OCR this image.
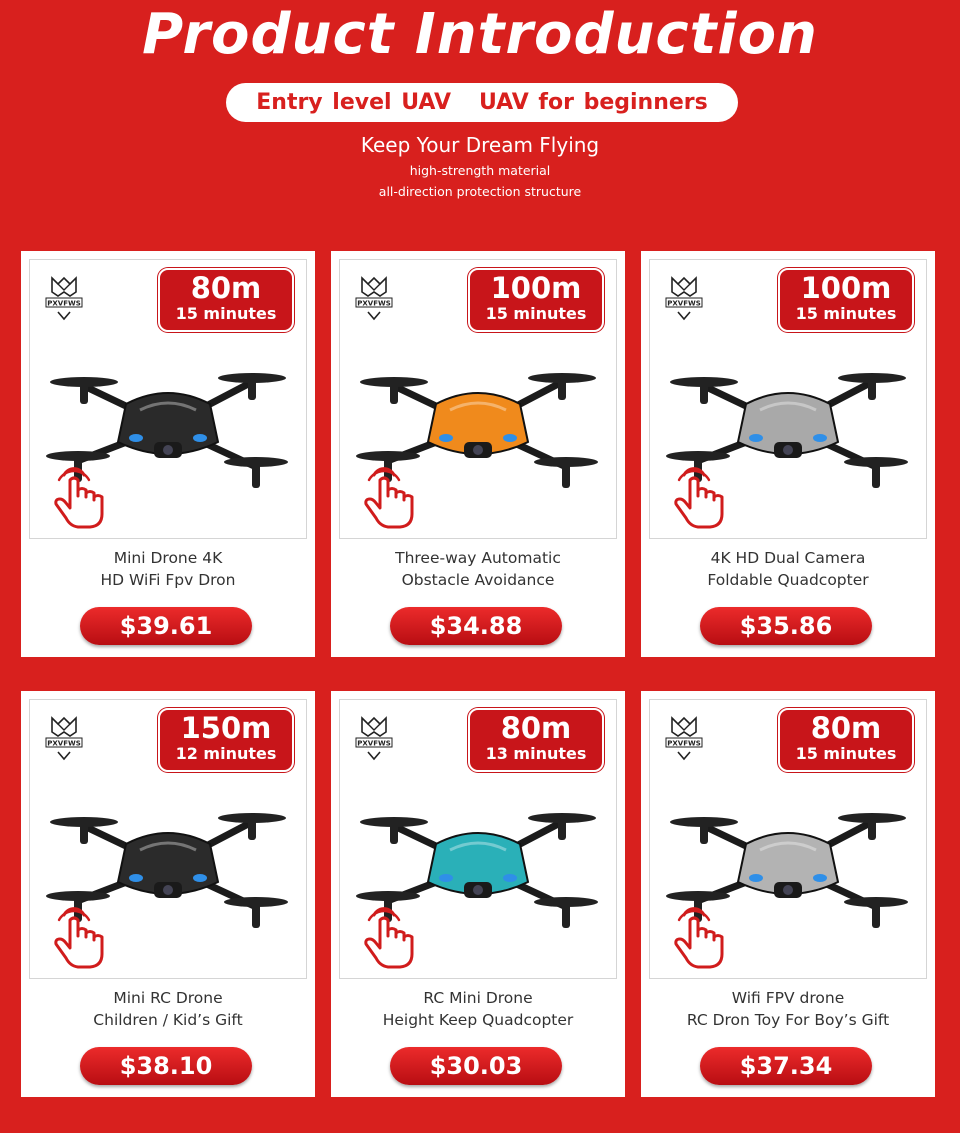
Product Introduction
Entry level UAV UAV for beginners
Keep Your Dream Flying
high-strength material
all-direction protection structure
PXVFWS	80m
15 minutes
Mini Drone 4K
HD WiFi Fpv Dron
$39.61
PXVFWS	100m
15 minutes
Three-way Automatic
Obstacle Avoidance
$34.88
PXVFWS	100m
15 minutes
4K HD Dual Camera
Foldable Quadcopter
$35.86
PXVFWS	150m
12 minutes
Mini RC Drone
Children / Kid’s Gift
$38.10
PXVFWS	80m
13 minutes
RC Mini Drone
Height Keep Quadcopter
$30.03
PXVFWS	80m
15 minutes
Wifi FPV drone
RC Dron Toy For Boy’s Gift
$37.34
